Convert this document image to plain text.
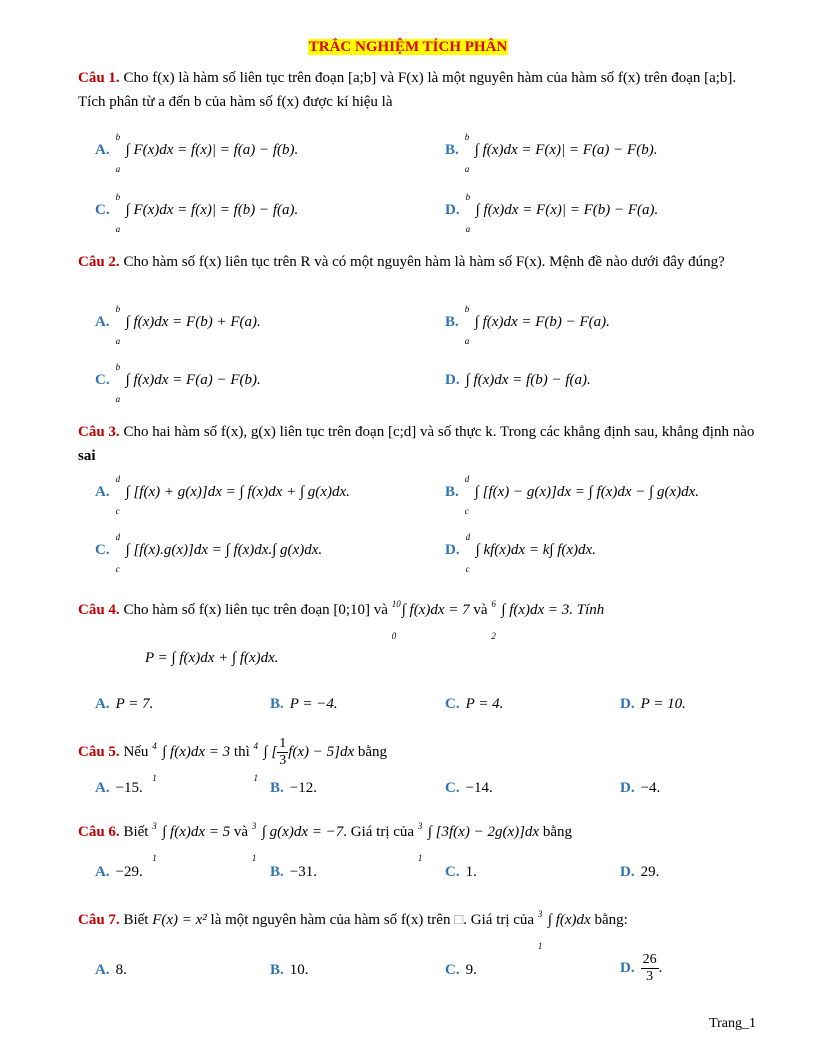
TRẮC NGHIỆM TÍCH PHÂN
Câu 1. Cho f(x) là hàm số liên tục trên đoạn [a;b] và F(x) là một nguyên hàm của hàm số f(x) trên đoạn [a;b]. Tích phân từ a đến b của hàm số f(x) được kí hiệu là
A.
b
a
∫ F(x)dx = f(x)| = f(a) − f(b).	B.
b
a
∫ f(x)dx = F(x)| = F(a) − F(b).
C.
b
a
∫ F(x)dx = f(x)| = f(b) − f(a).	D.
b
a
∫ f(x)dx = F(x)| = F(b) − F(a).
Câu 2. Cho hàm số f(x) liên tục trên R và có một nguyên hàm là hàm số F(x). Mệnh đề nào dưới đây đúng?
A.
b
a
∫ f(x)dx = F(b) + F(a).	B.
b
a
∫ f(x)dx = F(b) − F(a).
C.
b
a
∫ f(x)dx = F(a) − F(b).	D. ∫ f(x)dx = f(b) − f(a).
Câu 3. Cho hai hàm số f(x), g(x) liên tục trên đoạn [c;d] và số thực k. Trong các khẳng định sau, khẳng định nào sai
A.
d
c
∫ [f(x) + g(x)]dx = ∫ f(x)dx + ∫ g(x)dx.	B.
d
c
∫ [f(x) − g(x)]dx = ∫ f(x)dx − ∫ g(x)dx.
C.
d
c
∫ [f(x).g(x)]dx = ∫ f(x)dx.∫ g(x)dx.	D.
d
c
∫ kf(x)dx = k∫ f(x)dx.
Câu 4. Cho hàm số f(x) liên tục trên đoạn [0;10] và 10
0
∫ f(x)dx = 7 và 6
2
∫ f(x)dx = 3. Tính
P = ∫ f(x)dx + ∫ f(x)dx.
A. P = 7.	B. P = −4.	C. P = 4.	D. P = 10.
Câu 5. Nếu 4
1
∫ f(x)dx = 3 thì 4
1
∫ [ $\frac{1}{3} f(x) - 5]dx$ bằng
A. −15.	B. −12.	C. −14.	D. −4.
Câu 6. Biết 3
1
∫ f(x)dx = 5 và 3
1
∫ g(x)dx = −7. Giá trị của 3
1
∫ [3f(x) − 2g(x)]dx bằng
A. −29.	B. −31.	C. 1.	D. 29.
Câu 7. Biết F(x) = x² là một nguyên hàm của hàm số f(x) trên □. Giá trị của 3
1
∫ f(x)dx bằng:
A. 8.	B. 10.	C. 9.	D. $\frac{26}{3}$ .
Trang_1
